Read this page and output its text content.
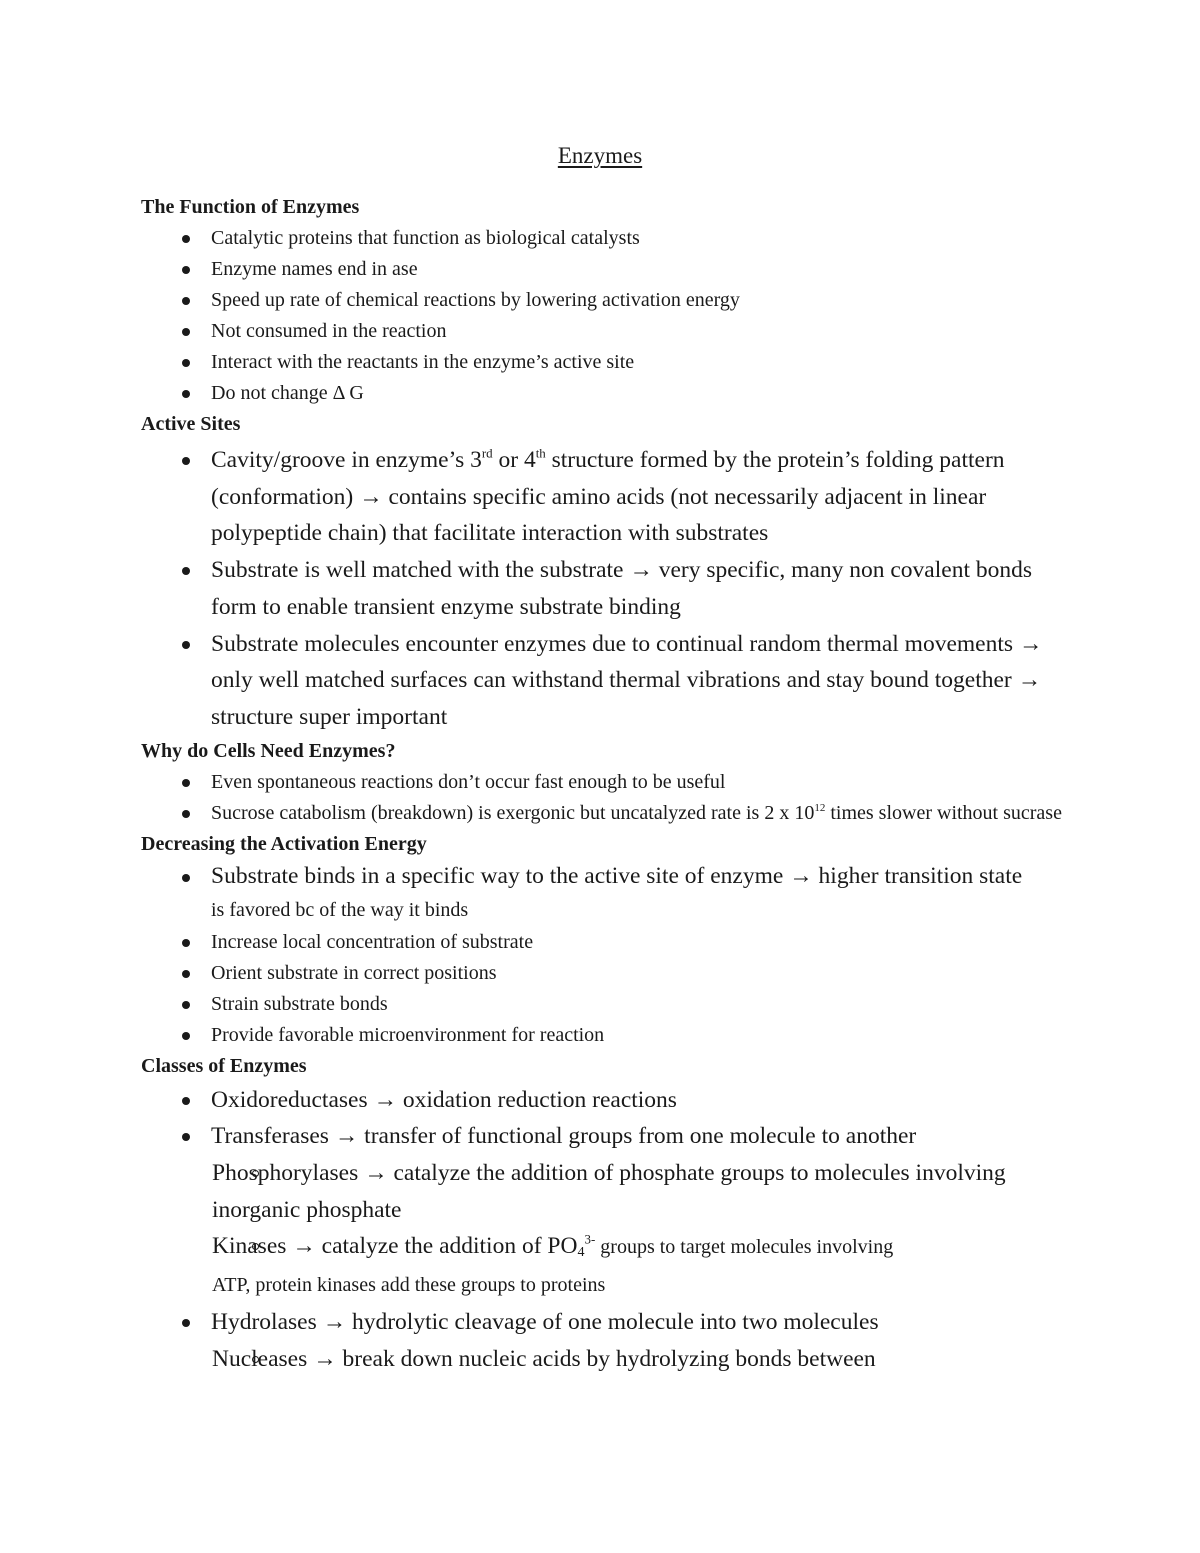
Enzymes
The Function of Enzymes
Catalytic proteins that function as biological catalysts
Enzyme names end in ase
Speed up rate of chemical reactions by lowering activation energy
Not consumed in the reaction
Interact with the reactants in the enzyme’s active site
Do not change Δ G
Active Sites
Cavity/groove in enzyme’s 3rd or 4th structure formed by the protein’s folding pattern (conformation) → contains specific amino acids (not necessarily adjacent in linear polypeptide chain) that facilitate interaction with substrates
Substrate is well matched with the substrate → very specific, many non covalent bonds form to enable transient enzyme substrate binding
Substrate molecules encounter enzymes due to continual random thermal movements → only well matched surfaces can withstand thermal vibrations and stay bound together → structure super important
Why do Cells Need Enzymes?
Even spontaneous reactions don’t occur fast enough to be useful
Sucrose catabolism (breakdown) is exergonic but uncatalyzed rate is 2 x $10^{12}$ times slower without sucrase
Decreasing the Activation Energy
Substrate binds in a specific way to the active site of enzyme → higher transition state
is favored bc of the way it binds
Increase local concentration of substrate
Orient substrate in correct positions
Strain substrate bonds
Provide favorable microenvironment for reaction
Classes of Enzymes
Oxidoreductases → oxidation reduction reactions
Transferases → transfer of functional groups from one molecule to another
Phosphorylases → catalyze the addition of phosphate groups to molecules involving inorganic phosphate
Kinases → catalyze the addition of $PO_4^{3-}$ groups to target molecules involving
ATP, protein kinases add these groups to proteins
Hydrolases → hydrolytic cleavage of one molecule into two molecules
Nucleases → break down nucleic acids by hydrolyzing bonds between
